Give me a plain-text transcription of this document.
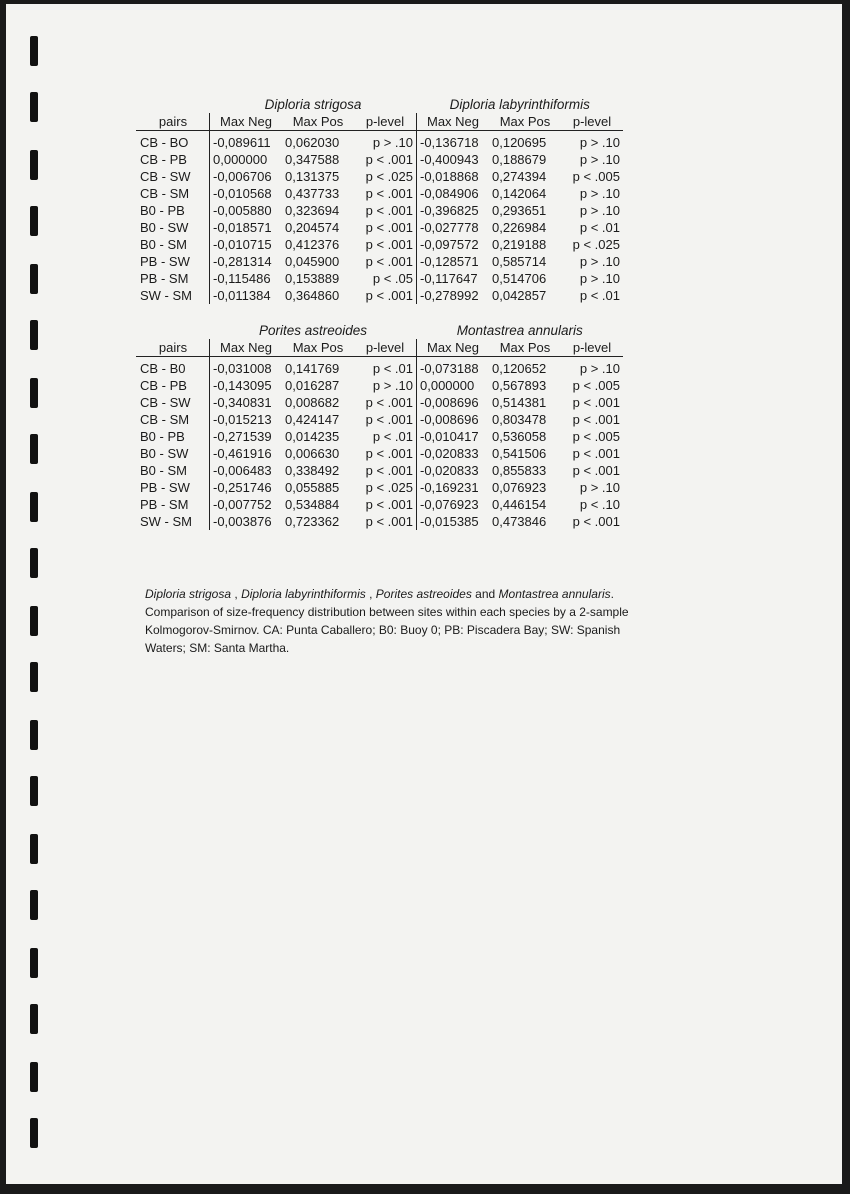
	Diploria strigosa			Diploria labyrinthiformis		
pairs	Max Neg	Max Pos	p-level	Max Neg	Max Pos	p-level

CB - BO	-0,089611	0,062030	p > .10	-0,136718	0,120695	p > .10
CB - PB	0,000000	0,347588	p < .001	-0,400943	0,188679	p > .10
CB - SW	-0,006706	0,131375	p < .025	-0,018868	0,274394	p < .005
CB - SM	-0,010568	0,437733	p < .001	-0,084906	0,142064	p > .10
B0 - PB	-0,005880	0,323694	p < .001	-0,396825	0,293651	p > .10
B0 - SW	-0,018571	0,204574	p < .001	-0,027778	0,226984	p < .01
B0 - SM	-0,010715	0,412376	p < .001	-0,097572	0,219188	p < .025
PB - SW	-0,281314	0,045900	p < .001	-0,128571	0,585714	p > .10
PB - SM	-0,115486	0,153889	p < .05	-0,117647	0,514706	p > .10
SW - SM	-0,011384	0,364860	p < .001	-0,278992	0,042857	p < .01
	Porites astreoides			Montastrea annularis		
pairs	Max Neg	Max Pos	p-level	Max Neg	Max Pos	p-level

CB - B0	-0,031008	0,141769	p < .01	-0,073188	0,120652	p > .10
CB - PB	-0,143095	0,016287	p > .10	0,000000	0,567893	p < .005
CB - SW	-0,340831	0,008682	p < .001	-0,008696	0,514381	p < .001
CB - SM	-0,015213	0,424147	p < .001	-0,008696	0,803478	p < .001
B0 - PB	-0,271539	0,014235	p < .01	-0,010417	0,536058	p < .005
B0 - SW	-0,461916	0,006630	p < .001	-0,020833	0,541506	p < .001
B0 - SM	-0,006483	0,338492	p < .001	-0,020833	0,855833	p < .001
PB - SW	-0,251746	0,055885	p < .025	-0,169231	0,076923	p > .10
PB - SM	-0,007752	0,534884	p < .001	-0,076923	0,446154	p < .10
SW - SM	-0,003876	0,723362	p < .001	-0,015385	0,473846	p < .001
Diploria strigosa , Diploria labyrinthiformis , Porites astreoides and Montastrea annularis. Comparison of size-frequency distribution between sites within each species by a 2-sample Kolmogorov-Smirnov. CA: Punta Caballero; B0: Buoy 0; PB: Piscadera Bay; SW: Spanish Waters; SM: Santa Martha.
